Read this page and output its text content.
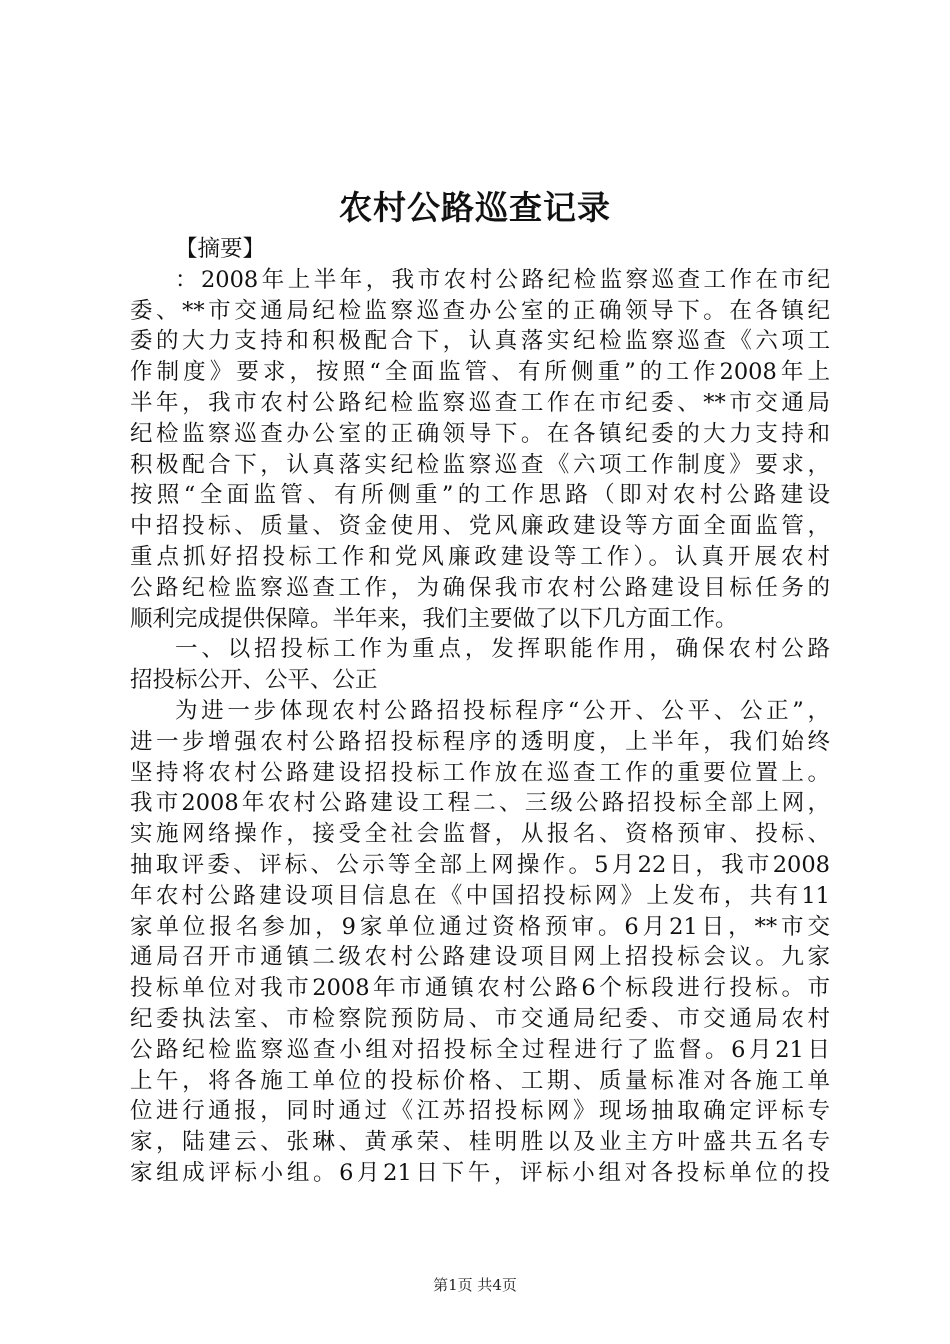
农村公路巡查记录
【摘要】
：2008年上半年，我市农村公路纪检监察巡查工作在市纪
委、**市交通局纪检监察巡查办公室的正确领导下。在各镇纪
委的大力支持和积极配合下，认真落实纪检监察巡查《六项工
作制度》要求，按照“全面监管、有所侧重”的工作2008年上
半年，我市农村公路纪检监察巡查工作在市纪委、**市交通局
纪检监察巡查办公室的正确领导下。在各镇纪委的大力支持和
积极配合下，认真落实纪检监察巡查《六项工作制度》要求，
按照“全面监管、有所侧重”的工作思路（即对农村公路建设
中招投标、质量、资金使用、党风廉政建设等方面全面监管，
重点抓好招投标工作和党风廉政建设等工作）。认真开展农村
公路纪检监察巡查工作，为确保我市农村公路建设目标任务的
顺利完成提供保障。半年来，我们主要做了以下几方面工作。
一、以招投标工作为重点，发挥职能作用，确保农村公路
招投标公开、公平、公正
为进一步体现农村公路招投标程序“公开、公平、公正”，
进一步增强农村公路招投标程序的透明度，上半年，我们始终
坚持将农村公路建设招投标工作放在巡查工作的重要位置上。
我市2008年农村公路建设工程二、三级公路招投标全部上网，
实施网络操作，接受全社会监督，从报名、资格预审、投标、
抽取评委、评标、公示等全部上网操作。5月22日，我市2008
年农村公路建设项目信息在《中国招投标网》上发布，共有11
家单位报名参加，9家单位通过资格预审。6月21日，**市交
通局召开市通镇二级农村公路建设项目网上招投标会议。九家
投标单位对我市2008年市通镇农村公路6个标段进行投标。市
纪委执法室、市检察院预防局、市交通局纪委、市交通局农村
公路纪检监察巡查小组对招投标全过程进行了监督。6月21日
上午，将各施工单位的投标价格、工期、质量标准对各施工单
位进行通报，同时通过《江苏招投标网》现场抽取确定评标专
家，陆建云、张琳、黄承荣、桂明胜以及业主方叶盛共五名专
家组成评标小组。6月21日下午，评标小组对各投标单位的投
第1页 共4页
